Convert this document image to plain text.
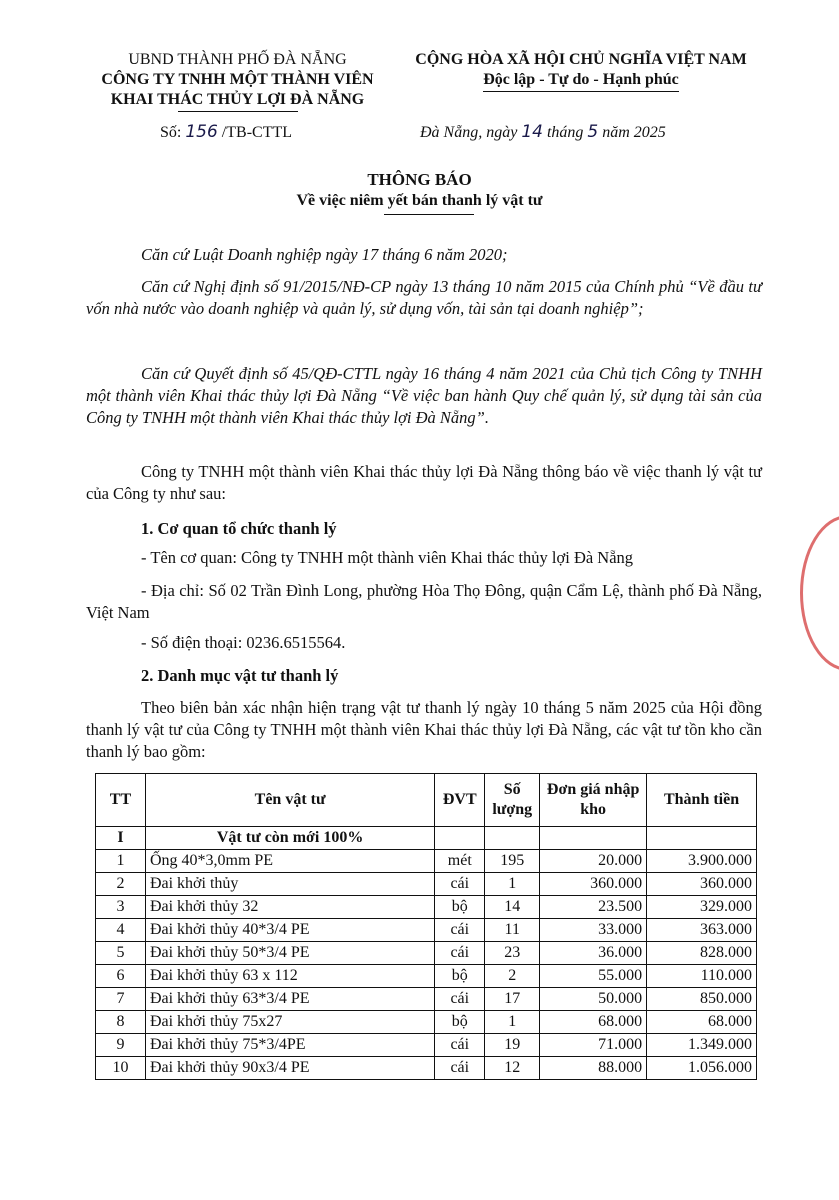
UBND THÀNH PHỐ ĐÀ NẴNG
CÔNG TY TNHH MỘT THÀNH VIÊN
KHAI THÁC THỦY LỢI ĐÀ NẴNG
CỘNG HÒA XÃ HỘI CHỦ NGHĨA VIỆT NAM
Độc lập - Tự do - Hạnh phúc
Số: 156 /TB-CTTL	Đà Nẵng, ngày 14 tháng 5 năm 2025
THÔNG BÁO
Về việc niêm yết bán thanh lý vật tư

Căn cứ Luật Doanh nghiệp ngày 17 tháng 6 năm 2020;

Căn cứ Nghị định số 91/2015/NĐ-CP ngày 13 tháng 10 năm 2015 của Chính phủ “Về đầu tư vốn nhà nước vào doanh nghiệp và quản lý, sử dụng vốn, tài sản tại doanh nghiệp”;

Căn cứ Quyết định số 45/QĐ-CTTL ngày 16 tháng 4 năm 2021 của Chủ tịch Công ty TNHH một thành viên Khai thác thủy lợi Đà Nẵng “Về việc ban hành Quy chế quản lý, sử dụng tài sản của Công ty TNHH một thành viên Khai thác thủy lợi Đà Nẵng”.

Công ty TNHH một thành viên Khai thác thủy lợi Đà Nẵng thông báo về việc thanh lý vật tư của Công ty như sau:

1. Cơ quan tổ chức thanh lý

- Tên cơ quan: Công ty TNHH một thành viên Khai thác thủy lợi Đà Nẵng

- Địa chỉ: Số 02 Trần Đình Long, phường Hòa Thọ Đông, quận Cẩm Lệ, thành phố Đà Nẵng, Việt Nam

- Số điện thoại: 0236.6515564.

2. Danh mục vật tư thanh lý

Theo biên bản xác nhận hiện trạng vật tư thanh lý ngày 10 tháng 5 năm 2025 của Hội đồng thanh lý vật tư của Công ty TNHH một thành viên Khai thác thủy lợi Đà Nẵng, các vật tư tồn kho cần thanh lý bao gồm:

TT	Tên vật tư	ĐVT	Số lượng	Đơn giá nhập kho	Thành tiền
I	Vật tư còn mới 100%				
1	Ống 40*3,0mm PE	mét	195	20.000	3.900.000
2	Đai khởi thủy	cái	1	360.000	360.000
3	Đai khởi thủy 32	bộ	14	23.500	329.000
4	Đai khởi thủy 40*3/4 PE	cái	11	33.000	363.000
5	Đai khởi thủy 50*3/4 PE	cái	23	36.000	828.000
6	Đai khởi thủy 63 x 112	bộ	2	55.000	110.000
7	Đai khởi thủy 63*3/4 PE	cái	17	50.000	850.000
8	Đai khởi thủy 75x27	bộ	1	68.000	68.000
9	Đai khởi thủy 75*3/4PE	cái	19	71.000	1.349.000
10	Đai khởi thủy 90x3/4 PE	cái	12	88.000	1.056.000
